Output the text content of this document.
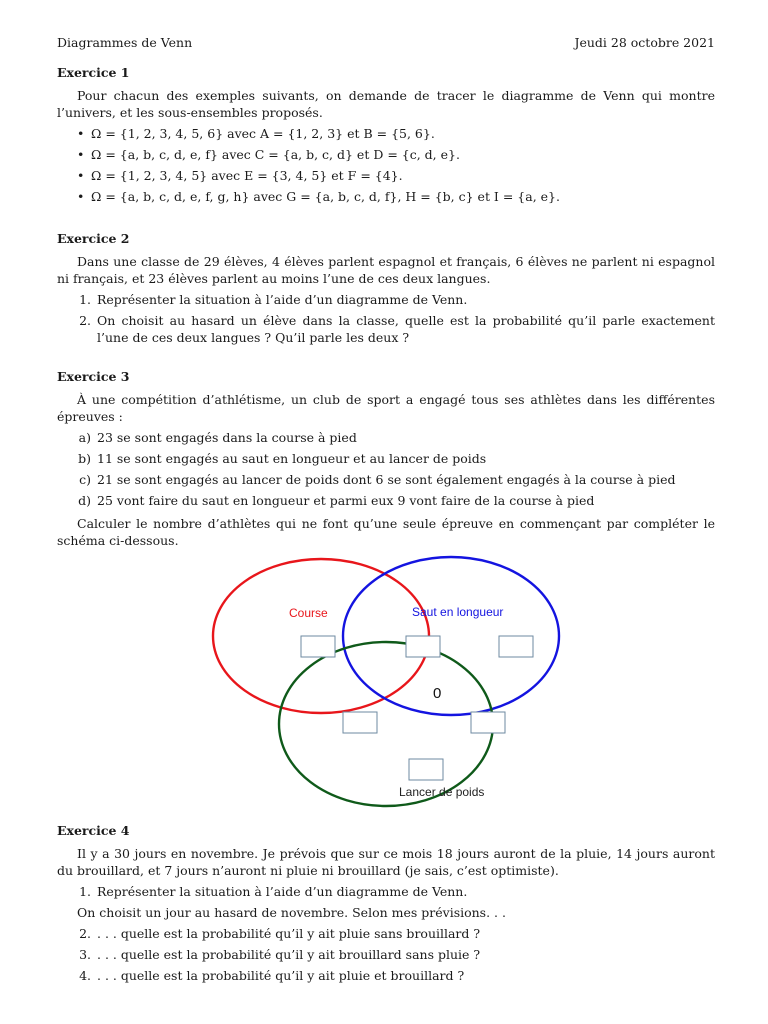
Diagrammes de Venn	Jeudi 28 octobre 2021
Exercice 1

Pour chacun des exemples suivants, on demande de tracer le diagramme de Venn qui montre l’univers, et les sous-ensembles proposés.

• Ω = {1, 2, 3, 4, 5, 6} avec A = {1, 2, 3} et B = {5, 6}.
• Ω = {a, b, c, d, e, f} avec C = {a, b, c, d} et D = {c, d, e}.
• Ω = {1, 2, 3, 4, 5} avec E = {3, 4, 5} et F = {4}.
• Ω = {a, b, c, d, e, f, g, h} avec G = {a, b, c, d, f}, H = {b, c} et I = {a, e}.
Exercice 2

Dans une classe de 29 élèves, 4 élèves parlent espagnol et français, 6 élèves ne parlent ni espagnol ni français, et 23 élèves parlent au moins l’une de ces deux langues.

1. Représenter la situation à l’aide d’un diagramme de Venn.
2. On choisit au hasard un élève dans la classe, quelle est la probabilité qu’il parle exactement l’une de ces deux langues ? Qu’il parle les deux ?
Exercice 3

À une compétition d’athlétisme, un club de sport a engagé tous ses athlètes dans les différentes épreuves :

a) 23 se sont engagés dans la course à pied
b) 11 se sont engagés au saut en longueur et au lancer de poids
c) 21 se sont engagés au lancer de poids dont 6 se sont également engagés à la course à pied
d) 25 vont faire du saut en longueur et parmi eux 9 vont faire de la course à pied

Calculer le nombre d’athlètes qui ne font qu’une seule épreuve en commençant par compléter le schéma ci-dessous.

Course	Saut en longueur
Lancer de poids
0
Exercice 4

Il y a 30 jours en novembre. Je prévois que sur ce mois 18 jours auront de la pluie, 14 jours auront du brouillard, et 7 jours n’auront ni pluie ni brouillard (je sais, c’est optimiste).

1. Représenter la situation à l’aide d’un diagramme de Venn.

On choisit un jour au hasard de novembre. Selon mes prévisions. . .

2. . . . quelle est la probabilité qu’il y ait pluie sans brouillard ?
3. . . . quelle est la probabilité qu’il y ait brouillard sans pluie ?
4. . . . quelle est la probabilité qu’il y ait pluie et brouillard ?
